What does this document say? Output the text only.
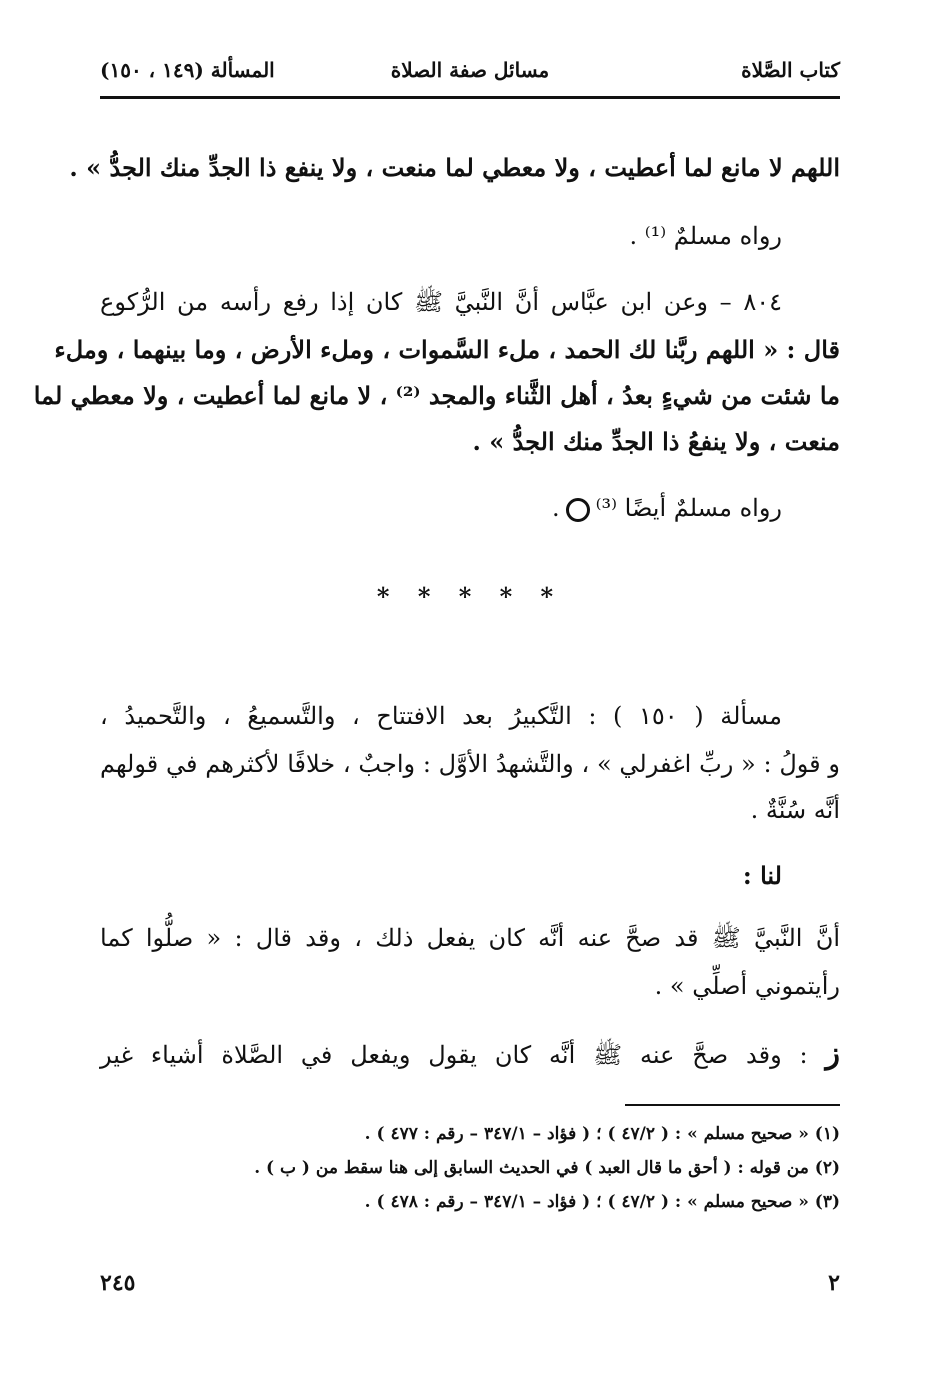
كتاب الصَّلاة
مسائل صفة الصلاة
المسألة (١٤٩ ، ١٥٠)
اللهم لا مانع لما أعطيت ، ولا معطي لما منعت ، ولا ينفع ذا الجدِّ منك الجدُّ » .
رواه مسلمٌ ⁽¹⁾ .
٨٠٤ – وعن ابن عبَّاس أنَّ النَّبيَّ ﷺ كان إذا رفع رأسه من الرُّكوع
قال : « اللهم ربَّنا لك الحمد ، ملء السَّموات ، وملء الأرض ، وما بينهما ، وملء
ما شئت من شيءٍ بعدُ ، أهل الثَّناء والمجد ⁽²⁾ ، لا مانع لما أعطيت ، ولا معطي لما
منعت ، ولا ينفعُ ذا الجدِّ منك الجدُّ » .
رواه مسلمٌ أيضًا ⁽³⁾.
* * * * *
مسألة ( ١٥٠ ) : التَّكبيرُ بعد الافتتاح ، والتَّسميعُ ، والتَّحميدُ ،
و قولُ : « ربِّ اغفرلي » ، والتَّشهدُ الأوَّل : واجبٌ ، خلافًا لأكثرهم في قولهم
أنَّه سُنَّةٌ .
لنا :
أنَّ النَّبيَّ ﷺ قد صحَّ عنه أنَّه كان يفعل ذلك ، وقد قال : « صلُّوا كما
رأيتموني أصلِّي » .
ز : وقد صحَّ عنه ﷺ أنَّه كان يقول ويفعل في الصَّلاة أشياء غير
(١) « صحيح مسلم » : ( ٤٧/٢ ) ؛ ( فؤاد – ٣٤٧/١ – رقم : ٤٧٧ ) .
(٢) من قوله : ( أحق ما قال العبد ) في الحديث السابق إلى هنا سقط من ( ب ) .
(٣) « صحيح مسلم » : ( ٤٧/٢ ) ؛ ( فؤاد – ٣٤٧/١ – رقم : ٤٧٨ ) .
٢
٢٤٥
